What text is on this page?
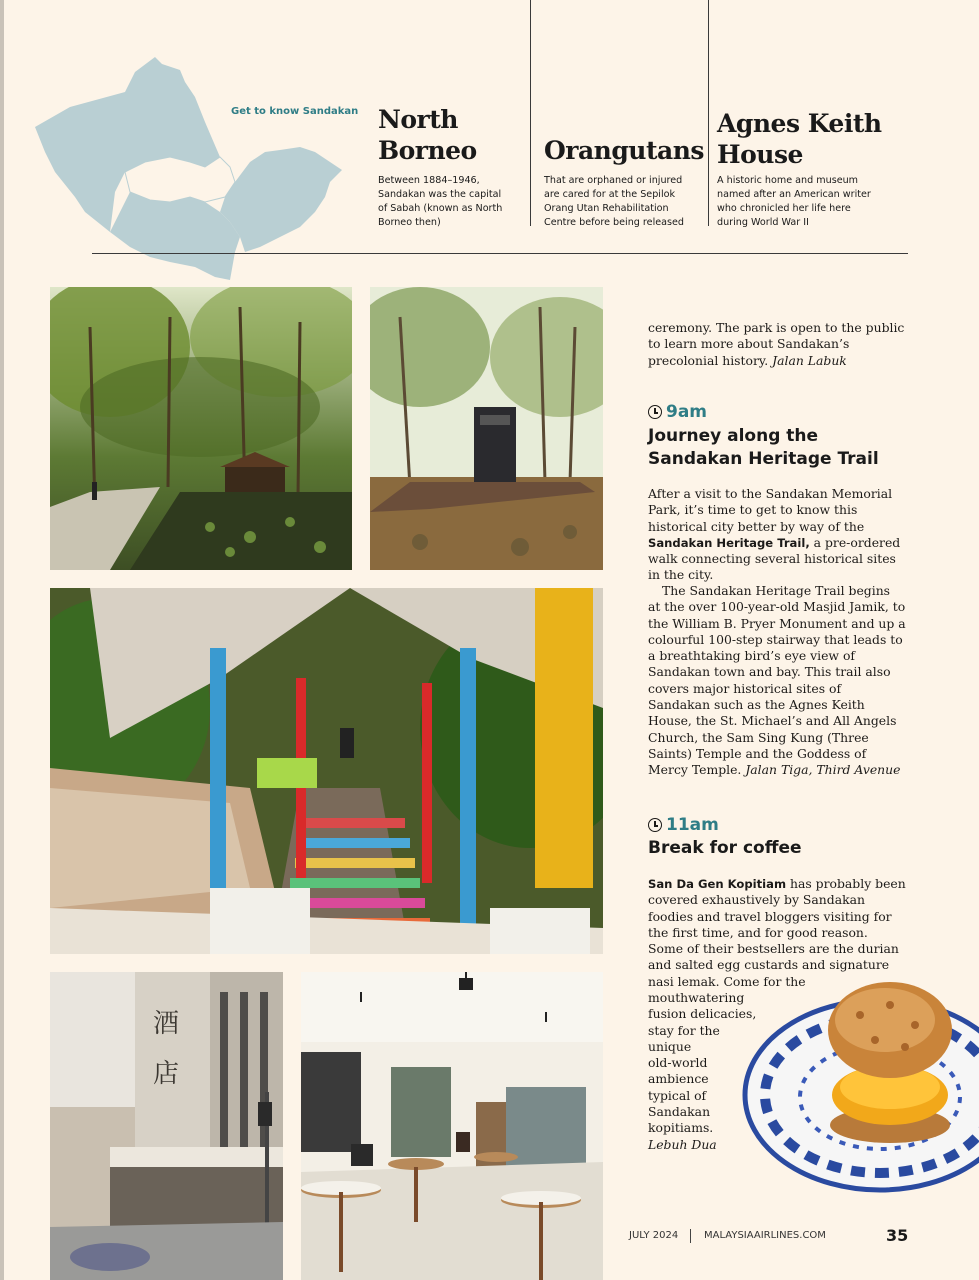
Get to know Sandakan North
Borneo
Between 1884–1946,
Sandakan was the capital
of Sabah (known as North
Borneo then)
Orangutans
That are orphaned or injured
are cared for at the Sepilok
Orang Utan Rehabilitation
Centre before being released
Agnes Keith
House
A historic home and museum
named after an American writer
who chronicled her life here
during World War II
酒
店

ceremony. The park is open to the public to learn more about Sandakan’s precolonial history. Jalan Labuk

9am
Journey along the
Sandakan Heritage Trail

After a visit to the Sandakan Memorial Park, it’s time to get to know this historical city better by way of the Sandakan Heritage Trail, a pre-ordered walk connecting several historical sites in the city.

The Sandakan Heritage Trail begins at the over 100-year-old Masjid Jamik, to the William B. Pryer Monument and up a colourful 100-step stairway that leads to a breathtaking bird’s eye view of Sandakan town and bay. This trail also covers major historical sites of Sandakan such as the Agnes Keith House, the St. Michael’s and All Angels Church, the Sam Sing Kung (Three Saints) Temple and the Goddess of Mercy Temple. Jalan Tiga, Third Avenue

11am
Break for coffee

San Da Gen Kopitiam has probably been covered exhaustively by Sandakan foodies and travel bloggers visiting for the first time, and for good reason. Some of their bestsellers are the durian and salted egg custards and signature nasi lemak. Come for the

mouthwatering
fusion delicacies,
stay for the
unique
old-world
ambience
typical of
Sandakan
kopitiams.
Lebuh Dua
JULY 2024	MALAYSIAAIRLINES.COM	35
